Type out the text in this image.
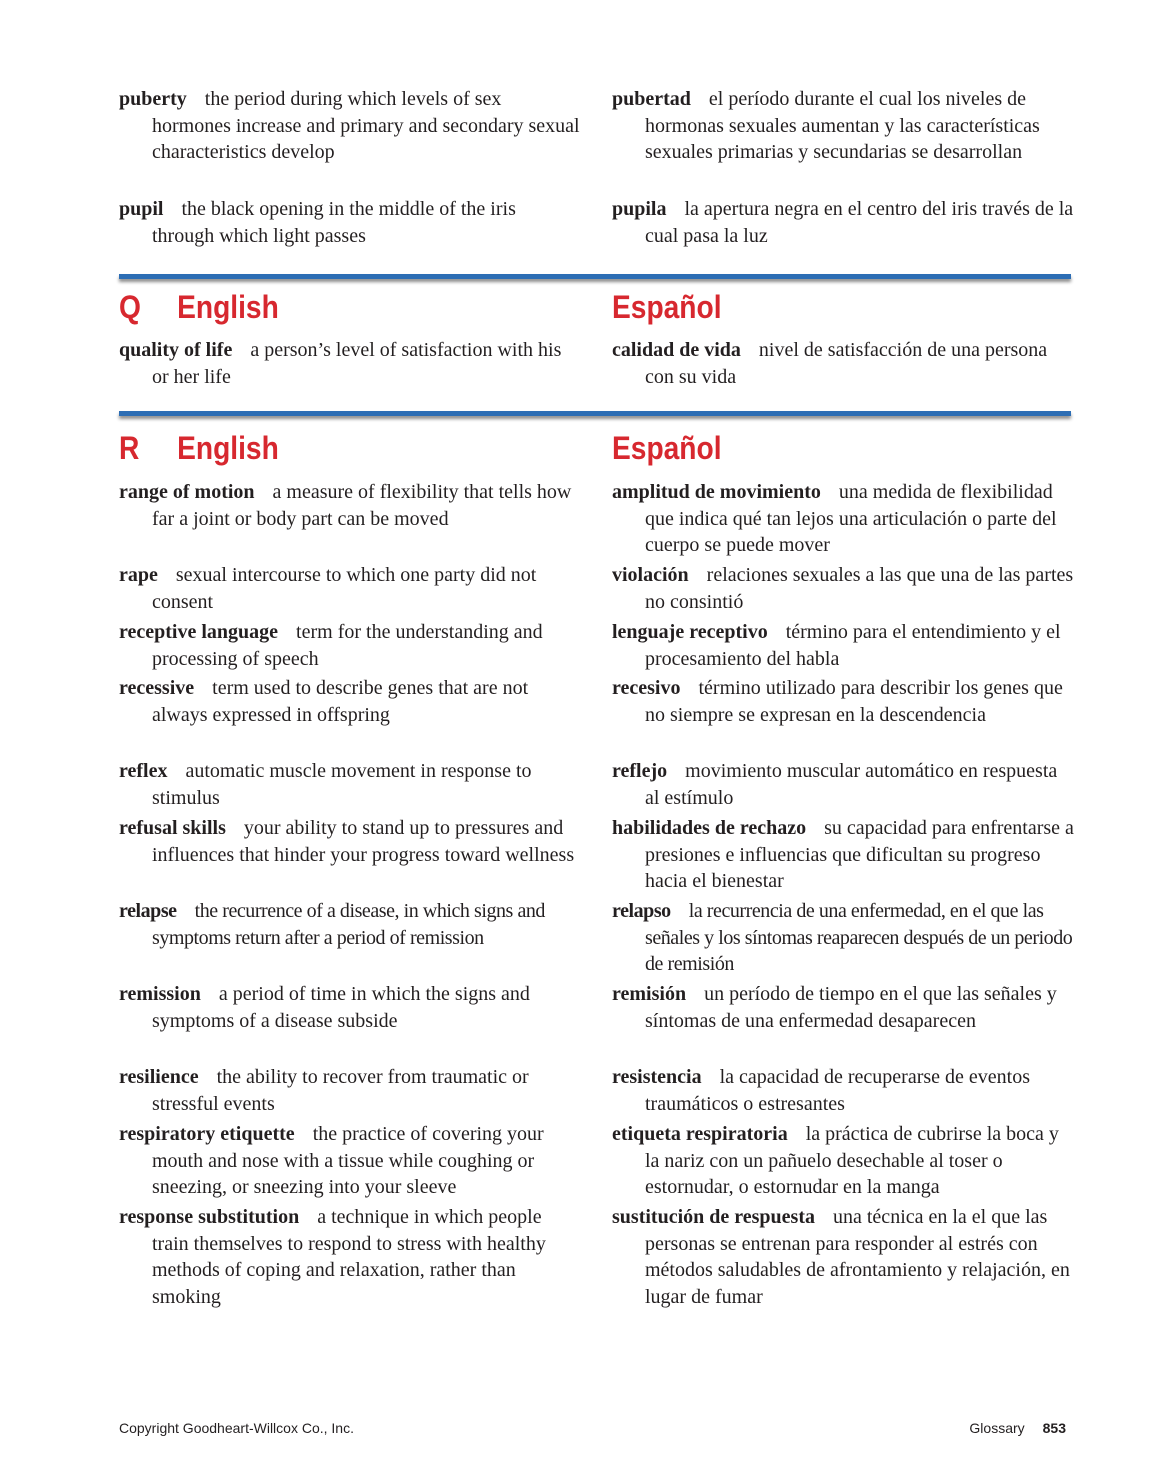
puberty the period during which levels of sex hormones increase and primary and secondary sexual characteristics develop
pubertad el período durante el cual los niveles de hormonas sexuales aumentan y las características sexuales primarias y secundarias se desarrollan
pupil the black opening in the middle of the iris through which light passes
pupila la apertura negra en el centro del iris través de la cual pasa la luz
Q English	Español
quality of life a person’s level of satisfaction with his or her life
calidad de vida nivel de satisfacción de una persona con su vida
R English	Español
range of motion a measure of flexibility that tells how far a joint or body part can be moved
rape sexual intercourse to which one party did not consent
receptive language term for the understanding and processing of speech
recessive term used to describe genes that are not always expressed in offspring
reflex automatic muscle movement in response to stimulus
refusal skills your ability to stand up to pressures and influences that hinder your progress toward wellness
relapse the recurrence of a disease, in which signs and symptoms return after a period of remission
remission a period of time in which the signs and symptoms of a disease subside
resilience the ability to recover from traumatic or stressful events
respiratory etiquette the practice of covering your mouth and nose with a tissue while coughing or sneezing, or sneezing into your sleeve
response substitution a technique in which people train themselves to respond to stress with healthy methods of coping and relaxation, rather than smoking
amplitud de movimiento una medida de flexibilidad que indica qué tan lejos una articulación o parte del cuerpo se puede mover
violación relaciones sexuales a las que una de las partes no consintió
lenguaje receptivo término para el entendimiento y el procesamiento del habla
recesivo término utilizado para describir los genes que no siempre se expresan en la descendencia
reflejo movimiento muscular automático en respuesta al estímulo
habilidades de rechazo su capacidad para enfrentarse a presiones e influencias que dificultan su progreso hacia el bienestar
relapso la recurrencia de una enfermedad, en el que las señales y los síntomas reaparecen después de un periodo de remisión
remisión un período de tiempo en el que las señales y síntomas de una enfermedad desaparecen
resistencia la capacidad de recuperarse de eventos traumáticos o estresantes
etiqueta respiratoria la práctica de cubrirse la boca y la nariz con un pañuelo desechable al toser o estornudar, o estornudar en la manga
sustitución de respuesta una técnica en la el que las personas se entrenan para responder al estrés con métodos saludables de afrontamiento y relajación, en lugar de fumar
Copyright Goodheart-Willcox Co., Inc.	Glossary 853
